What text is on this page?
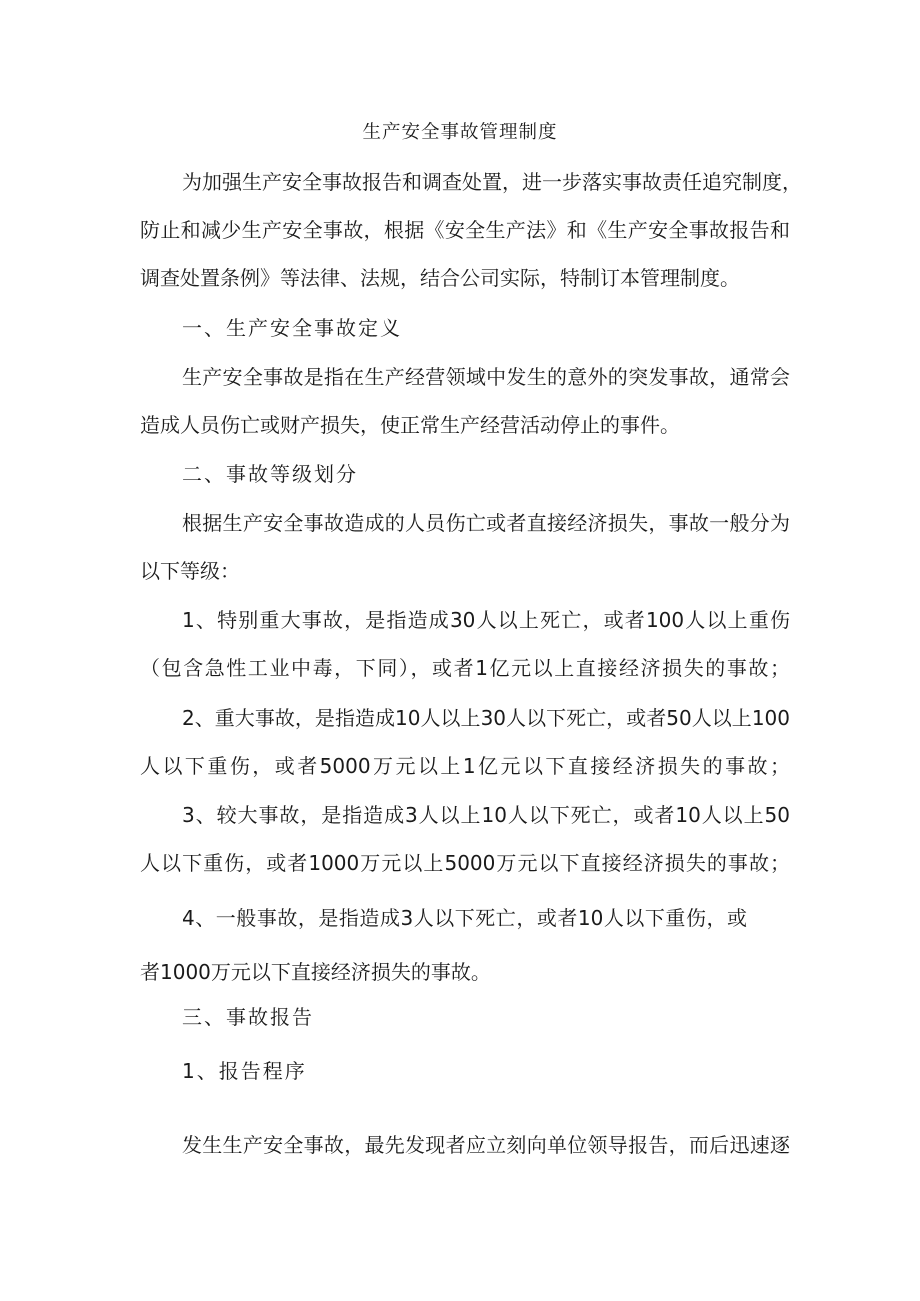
生产安全事故管理制度
为加强生产安全事故报告和调查处置，进一步落实事故责任追究制度，
防止和减少生产安全事故，根据《安全生产法》和《生产安全事故报告和
调查处置条例》等法律、法规，结合公司实际，特制订本管理制度。
一、生产安全事故定义
生产安全事故是指在生产经营领域中发生的意外的突发事故，通常会
造成人员伤亡或财产损失，使正常生产经营活动停止的事件。
二、事故等级划分
根据生产安全事故造成的人员伤亡或者直接经济损失，事故一般分为
以下等级：
1、特别重大事故，是指造成30人以上死亡，或者100人以上重伤
（包含急性工业中毒，下同），或者1亿元以上直接经济损失的事故；
2、重大事故，是指造成10人以上30人以下死亡，或者50人以上100
人以下重伤，或者5000万元以上1亿元以下直接经济损失的事故；
3、较大事故，是指造成3人以上10人以下死亡，或者10人以上50
人以下重伤，或者1000万元以上5000万元以下直接经济损失的事故；
4、一般事故，是指造成3人以下死亡，或者10人以下重伤，或
者1000万元以下直接经济损失的事故。
三、事故报告
1、报告程序
发生生产安全事故，最先发现者应立刻向单位领导报告，而后迅速逐
